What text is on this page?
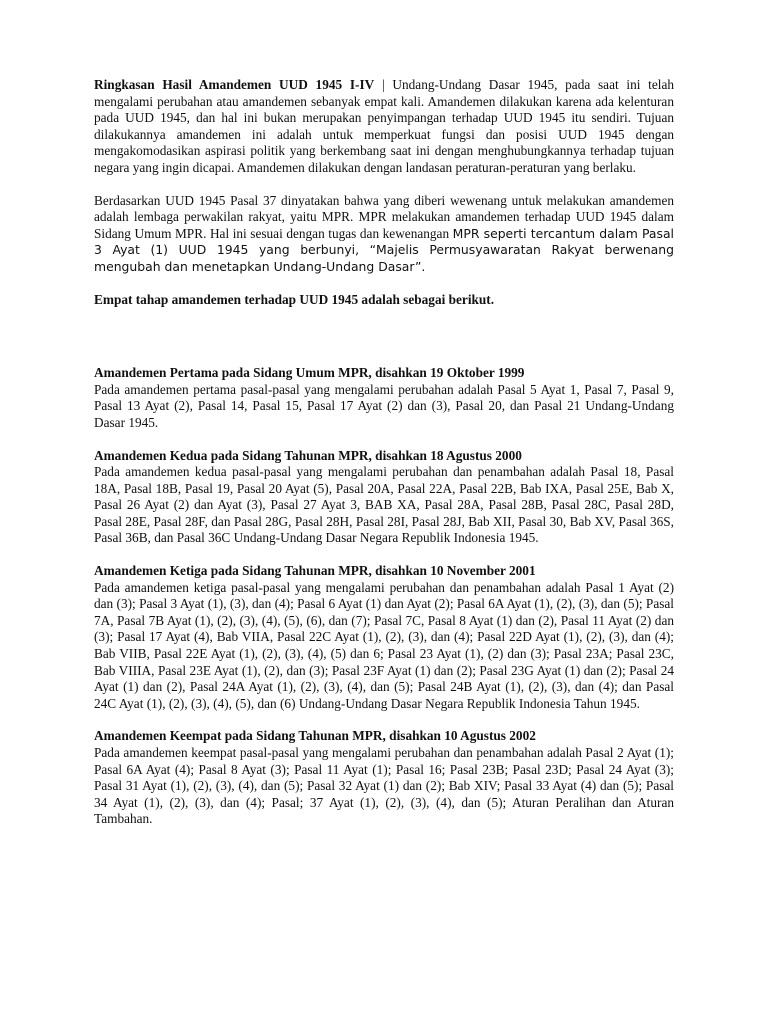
Ringkasan Hasil Amandemen UUD 1945 I-IV | Undang-Undang Dasar 1945, pada saat ini telah mengalami perubahan atau amandemen sebanyak empat kali. Amandemen dilakukan karena ada kelenturan pada UUD 1945, dan hal ini bukan merupakan penyimpangan terhadap UUD 1945 itu sendiri. Tujuan dilakukannya amandemen ini adalah untuk memperkuat fungsi dan posisi UUD 1945 dengan mengakomodasikan aspirasi politik yang berkembang saat ini dengan menghubungkannya terhadap tujuan negara yang ingin dicapai. Amandemen dilakukan dengan landasan peraturan-peraturan yang berlaku.

Berdasarkan UUD 1945 Pasal 37 dinyatakan bahwa yang diberi wewenang untuk melakukan amandemen adalah lembaga perwakilan rakyat, yaitu MPR. MPR melakukan amandemen terhadap UUD 1945 dalam Sidang Umum MPR. Hal ini sesuai dengan tugas dan kewenangan MPR seperti tercantum dalam Pasal 3 Ayat (1) UUD 1945 yang berbunyi, “Majelis Permusyawaratan Rakyat berwenang mengubah dan menetapkan Undang-Undang Dasar”.

Empat tahap amandemen terhadap UUD 1945 adalah sebagai berikut.

Amandemen Pertama pada Sidang Umum MPR, disahkan 19 Oktober 1999

Pada amandemen pertama pasal-pasal yang mengalami perubahan adalah Pasal 5 Ayat 1, Pasal 7, Pasal 9, Pasal 13 Ayat (2), Pasal 14, Pasal 15, Pasal 17 Ayat (2) dan (3), Pasal 20, dan Pasal 21 Undang-Undang Dasar 1945.

Amandemen Kedua pada Sidang Tahunan MPR, disahkan 18 Agustus 2000

Pada amandemen kedua pasal-pasal yang mengalami perubahan dan penambahan adalah Pasal 18, Pasal 18A, Pasal 18B, Pasal 19, Pasal 20 Ayat (5), Pasal 20A, Pasal 22A, Pasal 22B, Bab IXA, Pasal 25E, Bab X, Pasal 26 Ayat (2) dan Ayat (3), Pasal 27 Ayat 3, BAB XA, Pasal 28A, Pasal 28B, Pasal 28C, Pasal 28D, Pasal 28E, Pasal 28F, dan Pasal 28G, Pasal 28H, Pasal 28I, Pasal 28J, Bab XII, Pasal 30, Bab XV, Pasal 36S, Pasal 36B, dan Pasal 36C Undang-Undang Dasar Negara Republik Indonesia 1945.

Amandemen Ketiga pada Sidang Tahunan MPR, disahkan 10 November 2001

Pada amandemen ketiga pasal-pasal yang mengalami perubahan dan penambahan adalah Pasal 1 Ayat (2) dan (3); Pasal 3 Ayat (1), (3), dan (4); Pasal 6 Ayat (1) dan Ayat (2); Pasal 6A Ayat (1), (2), (3), dan (5); Pasal 7A, Pasal 7B Ayat (1), (2), (3), (4), (5), (6), dan (7); Pasal 7C, Pasal 8 Ayat (1) dan (2), Pasal 11 Ayat (2) dan (3); Pasal 17 Ayat (4), Bab VIIA, Pasal 22C Ayat (1), (2), (3), dan (4); Pasal 22D Ayat (1), (2), (3), dan (4); Bab VIIB, Pasal 22E Ayat (1), (2), (3), (4), (5) dan 6; Pasal 23 Ayat (1), (2) dan (3); Pasal 23A; Pasal 23C, Bab VIIIA, Pasal 23E Ayat (1), (2), dan (3); Pasal 23F Ayat (1) dan (2); Pasal 23G Ayat (1) dan (2); Pasal 24 Ayat (1) dan (2), Pasal 24A Ayat (1), (2), (3), (4), dan (5); Pasal 24B Ayat (1), (2), (3), dan (4); dan Pasal 24C Ayat (1), (2), (3), (4), (5), dan (6) Undang-Undang Dasar Negara Republik Indonesia Tahun 1945.

Amandemen Keempat pada Sidang Tahunan MPR, disahkan 10 Agustus 2002

Pada amandemen keempat pasal-pasal yang mengalami perubahan dan penambahan adalah Pasal 2 Ayat (1); Pasal 6A Ayat (4); Pasal 8 Ayat (3); Pasal 11 Ayat (1); Pasal 16; Pasal 23B; Pasal 23D; Pasal 24 Ayat (3); Pasal 31 Ayat (1), (2), (3), (4), dan (5); Pasal 32 Ayat (1) dan (2); Bab XIV; Pasal 33 Ayat (4) dan (5); Pasal 34 Ayat (1), (2), (3), dan (4); Pasal; 37 Ayat (1), (2), (3), (4), dan (5); Aturan Peralihan dan Aturan Tambahan.
